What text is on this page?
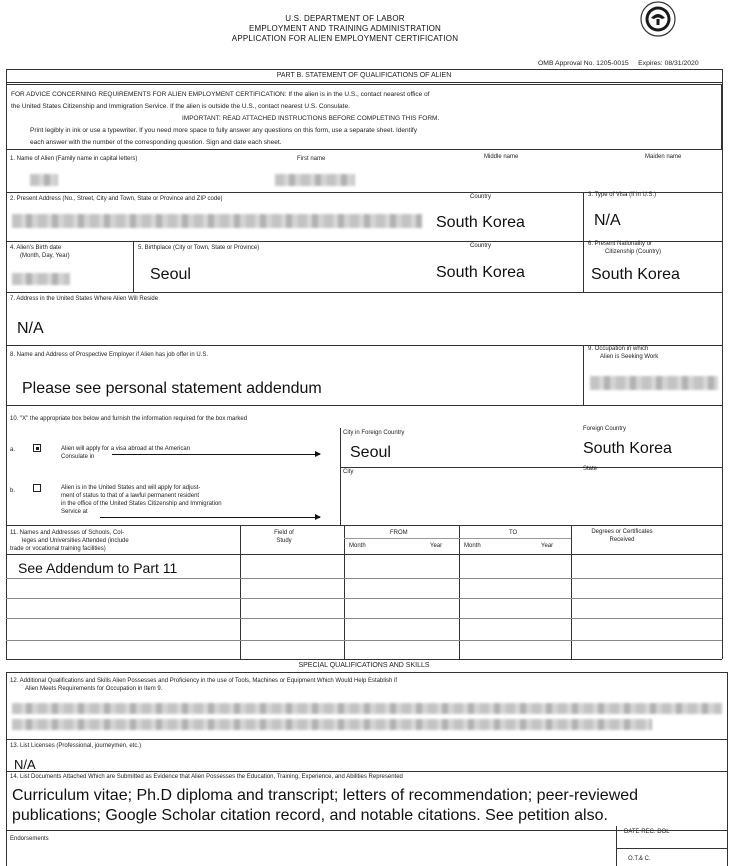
U.S. DEPARTMENT OF LABOR
EMPLOYMENT AND TRAINING ADMINISTRATION
APPLICATION FOR ALIEN EMPLOYMENT CERTIFICATION
OMB Approval No. 1205-0015 Expires: 08/31/2020
PART B. STATEMENT OF QUALIFICATIONS OF ALIEN
FOR ADVICE CONCERNING REQUIREMENTS FOR ALIEN EMPLOYMENT CERTIFICATION: If the alien is in the U.S., contact nearest office of
the United States Citizenship and Immigration Service. If the alien is outside the U.S., contact nearest U.S. Consulate.
IMPORTANT: READ ATTACHED INSTRUCTIONS BEFORE COMPLETING THIS FORM.
Print legibly in ink or use a typewriter. If you need more space to fully answer any questions on this form, use a separate sheet. Identify
each answer with the number of the corresponding question. Sign and date each sheet.
1. Name of Alien (Family name in capital letters)	First name	Middle name	Maiden name
2. Present Address (No., Street, City and Town, State or Province and ZIP code)	Country	3. Type of Visa (If in U.S.)
South Korea	N/A
4. Alien's Birth date
(Month, Day, Year)
5. Birthplace (City or Town, State or Province)
Seoul
Country
South Korea
6. Present Nationality or
Citizenship (Country)
South Korea
7. Address in the United States Where Alien Will Reside
N/A
8. Name and Address of Prospective Employer if Alien has job offer in U.S.
Please see personal statement addendum
9. Occupation in which
Alien is Seeking Work
10. "X" the appropriate box below and furnish the information required for the box marked
a.	Alien will apply for a visa abroad at the American
Consulate in
City in Foreign Country
Seoul
Foreign Country
South Korea
City	State
b.	Alien is in the United States and will apply for adjust-
ment of status to that of a lawful permanent resident
in the office of the United States Citizenship and Immigration
Service at
11. Names and Addresses of Schools, Col-
leges and Universities Attended (include
trade or vocational training facilities)
Field of
Study
FROM	TO
Month	Year	Month	Year
Degrees or Certificates
Received
See Addendum to Part 11
SPECIAL QUALIFICATIONS AND SKILLS
12. Additional Qualifications and Skills Alien Possesses and Proficiency in the use of Tools, Machines or Equipment Which Would Help Establish if
Alien Meets Requirements for Occupation in Item 9.
13. List Licenses (Professional, journeymen, etc.)
N/A
14. List Documents Attached Which are Submitted as Evidence that Alien Possesses the Education, Training, Experience, and Abilities Represented
Curriculum vitae; Ph.D diploma and transcript; letters of recommendation; peer-reviewed
publications; Google Scholar citation record, and notable citations. See petition also.
Endorsements
DATE REC. DOL
O.T.& C.
